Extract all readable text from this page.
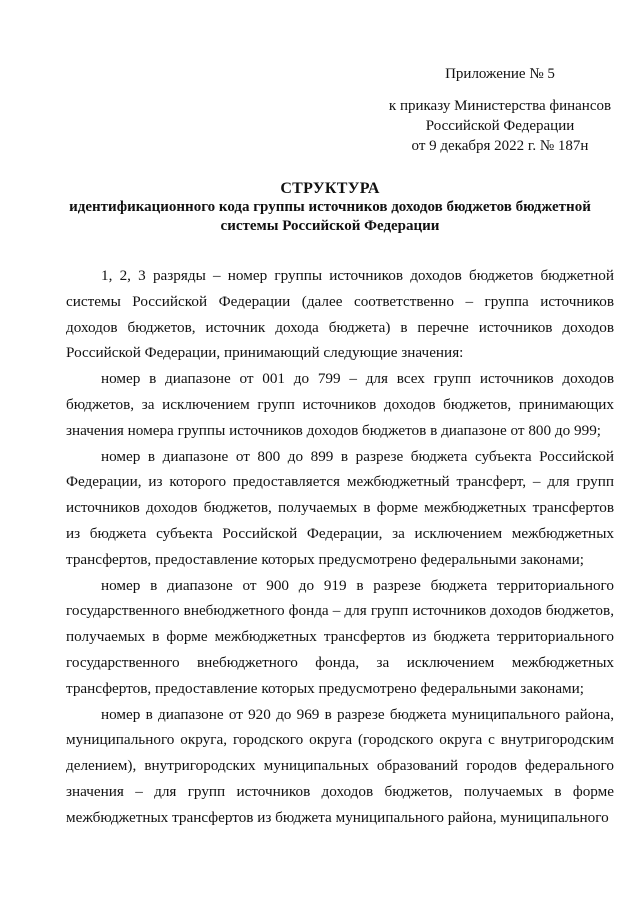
Приложение № 5
к приказу Министерства финансов
Российской Федерации
от 9 декабря 2022 г. № 187н
СТРУКТУРА
идентификационного кода группы источников доходов бюджетов бюджетной
системы Российской Федерации

1, 2, 3 разряды – номер группы источников доходов бюджетов бюджетной системы Российской Федерации (далее соответственно – группа источников доходов бюджетов, источник дохода бюджета) в перечне источников доходов Российской Федерации, принимающий следующие значения:

номер в диапазоне от 001 до 799 – для всех групп источников доходов бюджетов, за исключением групп источников доходов бюджетов, принимающих значения номера группы источников доходов бюджетов в диапазоне от 800 до 999;

номер в диапазоне от 800 до 899 в разрезе бюджета субъекта Российской Федерации, из которого предоставляется межбюджетный трансферт, – для групп источников доходов бюджетов, получаемых в форме межбюджетных трансфертов из бюджета субъекта Российской Федерации, за исключением межбюджетных трансфертов, предоставление которых предусмотрено федеральными законами;

номер в диапазоне от 900 до 919 в разрезе бюджета территориального государственного внебюджетного фонда – для групп источников доходов бюджетов, получаемых в форме межбюджетных трансфертов из бюджета территориального государственного внебюджетного фонда, за исключением межбюджетных трансфертов, предоставление которых предусмотрено федеральными законами;

номер в диапазоне от 920 до 969 в разрезе бюджета муниципального района, муниципального округа, городского округа (городского округа с внутригородским делением), внутригородских муниципальных образований городов федерального значения – для групп источников доходов бюджетов, получаемых в форме межбюджетных трансфертов из бюджета муниципального района, муниципального
